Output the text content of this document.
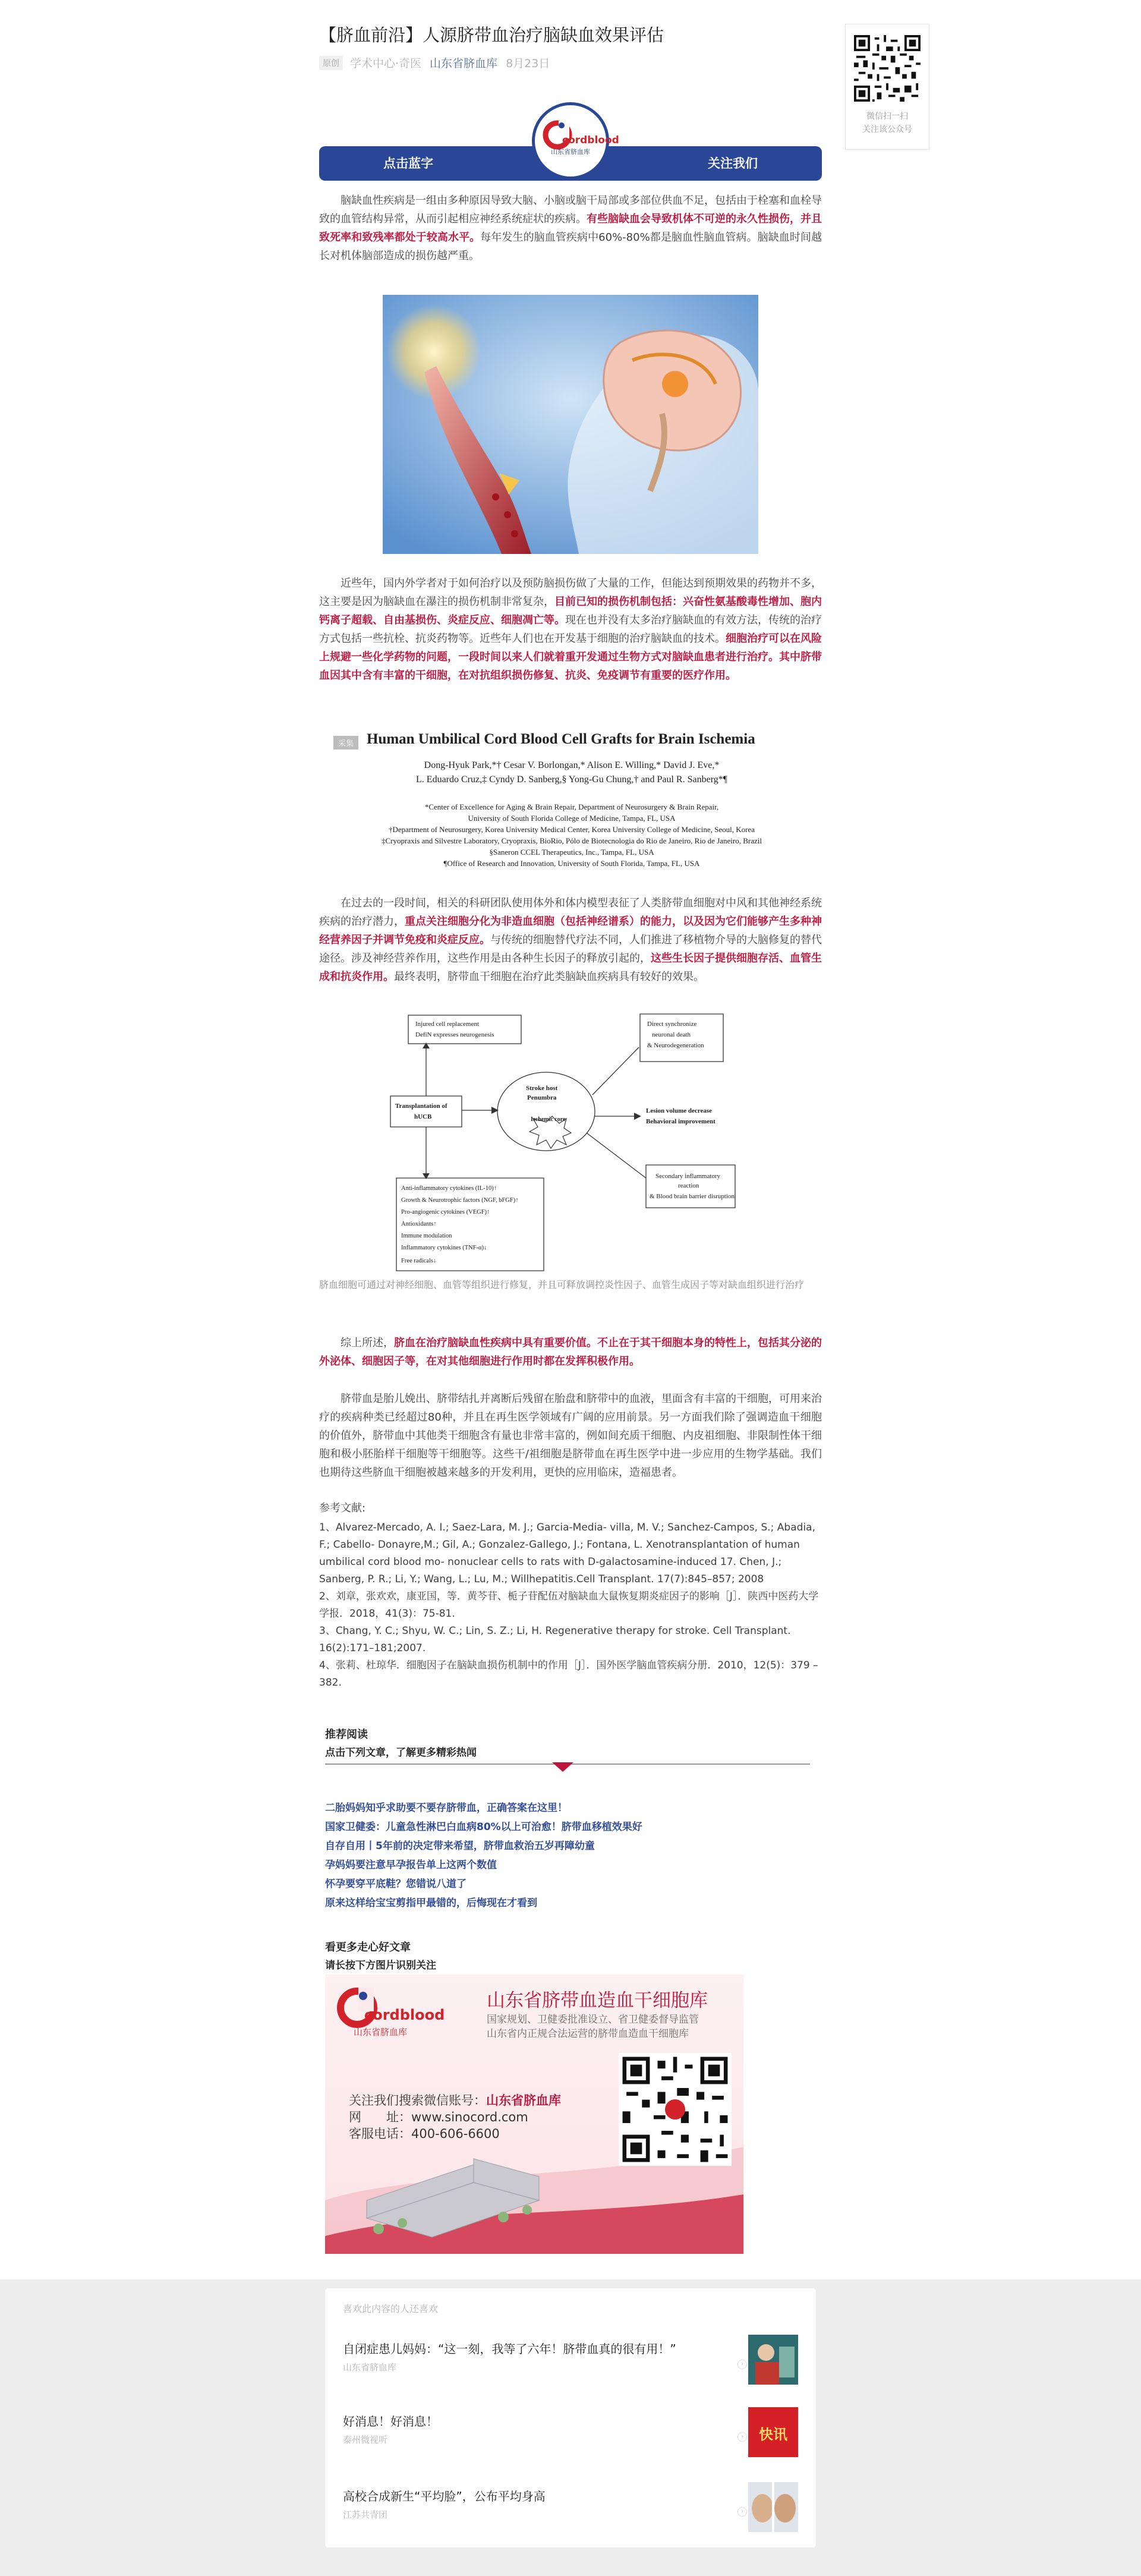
微信扫一扫
关注该公众号
【脐血前沿】人源脐带血治疗脑缺血效果评估
原创 学术中心·奇医 山东省脐血库 8月23日
点击蓝字	关注我们
cordblood
山东省脐血库

脑缺血性疾病是一组由多种原因导致大脑、小脑或脑干局部或多部位供血不足，包括由于栓塞和血栓导致的血管结构异常，从而引起相应神经系统症状的疾病。有些脑缺血会导致机体不可逆的永久性损伤，并且致死率和致残率都处于较高水平。每年发生的脑血管疾病中60%-80%都是脑血性脑血管病。脑缺血时间越长对机体脑部造成的损伤越严重。

近些年，国内外学者对于如何治疗以及预防脑损伤做了大量的工作，但能达到预期效果的药物并不多，这主要是因为脑缺血在瀑注的损伤机制非常复杂，目前已知的损伤机制包括：兴奋性氨基酸毒性增加、胞内钙离子超载、自由基损伤、炎症反应、细胞凋亡等。现在也并没有太多治疗脑缺血的有效方法，传统的治疗方式包括一些抗栓、抗炎药物等。近些年人们也在开发基于细胞的治疗脑缺血的技术。细胞治疗可以在风险上规避一些化学药物的问题，一段时间以来人们就着重开发通过生物方式对脑缺血患者进行治疗。其中脐带血因其中含有丰富的干细胞，在对抗组织损伤修复、抗炎、免疫调节有重要的医疗作用。

采集 Human Umbilical Cord Blood Cell Grafts for Brain Ischemia
Dong-Hyuk Park,*† Cesar V. Borlongan,* Alison E. Willing,* David J. Eve,*
L. Eduardo Cruz,‡ Cyndy D. Sanberg,§ Yong-Gu Chung,† and Paul R. Sanberg*¶
*Center of Excellence for Aging & Brain Repair, Department of Neurosurgery & Brain Repair,
University of South Florida College of Medicine, Tampa, FL, USA
†Department of Neurosurgery, Korea University Medical Center, Korea University College of Medicine, Seoul, Korea
‡Cryopraxis and Silvestre Laboratory, Cryopraxis, BioRio, Pólo de Biotecnologia do Rio de Janeiro, Rio de Janeiro, Brazil
§Saneron CCEL Therapeutics, Inc., Tampa, FL, USA
¶Office of Research and Innovation, University of South Florida, Tampa, FL, USA

在过去的一段时间，相关的科研团队使用体外和体内模型表征了人类脐带血细胞对中风和其他神经系统疾病的治疗潜力，重点关注细胞分化为非造血细胞（包括神经谱系）的能力，以及因为它们能够产生多种神经营养因子并调节免疫和炎症反应。与传统的细胞替代疗法不同，人们推进了移植物介导的大脑修复的替代途径。涉及神经营养作用，这些作用是由各种生长因子的释放引起的，这些生长因子提供细胞存活、血管生成和抗炎作用。最终表明，脐带血干细胞在治疗此类脑缺血疾病具有较好的效果。

Injured cell replacement
DefiN expresses neurogenesis
Transplantation of
hUCB
Stroke host
Penumbra
Ischemic core
Direct synchronize
neuronal death
& Neurodegeneration
Lesion volume decrease
Behavioral improvement
Secondary inflammatory
reaction
& Blood brain barrier disruption
Anti-inflammatory cytokines (IL-10)↑
Growth & Neurotrophic factors (NGF, bFGF)↑
Pro-angiogenic cytokines (VEGF)↑
Antioxidants↑
Immune modulation
Inflammatory cytokines (TNF-α)↓
Free radicals↓
脐血细胞可通过对神经细胞、血管等组织进行修复，并且可释放调控炎性因子、血管生成因子等对缺血组织进行治疗

综上所述，脐血在治疗脑缺血性疾病中具有重要价值。不止在于其干细胞本身的特性上，包括其分泌的外泌体、细胞因子等，在对其他细胞进行作用时都在发挥积极作用。

脐带血是胎儿娩出、脐带结扎并离断后残留在胎盘和脐带中的血液，里面含有丰富的干细胞，可用来治疗的疾病种类已经超过80种，并且在再生医学领域有广阔的应用前景。另一方面我们除了强调造血干细胞的价值外，脐带血中其他类干细胞含有量也非常丰富的，例如间充质干细胞、内皮祖细胞、非限制性体干细胞和极小胚胎样干细胞等干细胞等。这些干/祖细胞是脐带血在再生医学中进一步应用的生物学基础。我们也期待这些脐血干细胞被越来越多的开发利用，更快的应用临床，造福患者。

参考文献:
1、Alvarez-Mercado, A. I.; Saez-Lara, M. J.; Garcia-Media- villa, M. V.; Sanchez-Campos, S.; Abadia, F.; Cabello- Donayre,M.; Gil, A.; Gonzalez-Gallego, J.; Fontana, L. Xenotransplantation of human umbilical cord blood mo- nonuclear cells to rats with D-galactosamine-induced 17. Chen, J.; Sanberg, P. R.; Li, Y.; Wang, L.; Lu, M.; Willhepatitis.Cell Transplant. 17(7):845–857; 2008
2、刘章，张欢欢，康亚国，等．黄芩苷、栀子苷配伍对脑缺血大鼠恢复期炎症因子的影响［J］．陕西中医药大学学报．2018，41(3)：75-81.
3、Chang, Y. C.; Shyu, W. C.; Lin, S. Z.; Li, H. Regenerative therapy for stroke. Cell Transplant. 16(2):171–181;2007.
4、张莉、杜琼华．细胞因子在脑缺血损伤机制中的作用［J］．国外医学脑血管疾病分册．2010，12(5)：379 – 382.
推荐阅读
点击下列文章，了解更多精彩热闻
二胎妈妈知乎求助要不要存脐带血，正确答案在这里！
国家卫健委：儿童急性淋巴白血病80%以上可治愈！脐带血移植效果好
自存自用丨5年前的决定带来希望，脐带血救治五岁再障幼童
孕妈妈要注意早孕报告单上这两个数值
怀孕要穿平底鞋？您错说八道了
原来这样给宝宝剪指甲最错的，后悔现在才看到
看更多走心好文章
请长按下方图片识别关注
cordblood
山东省脐血库
山东省脐带血造血干细胞库
国家规划、卫健委批准设立、省卫健委督导监管
山东省内正规合法运营的脐带血造血干细胞库
关注我们搜索微信账号：山东省脐血库
网　　址：www.sinocord.com
客服电话：400-606-6600
喜欢此内容的人还喜欢
自闭症患儿妈妈：“这一刻，我等了六年！脐带血真的很有用！”
山东省脐血库	›
好消息！好消息！
泰州微视听	› 快讯
高校合成新生“平均脸”，公布平均身高
江苏共青团	›
